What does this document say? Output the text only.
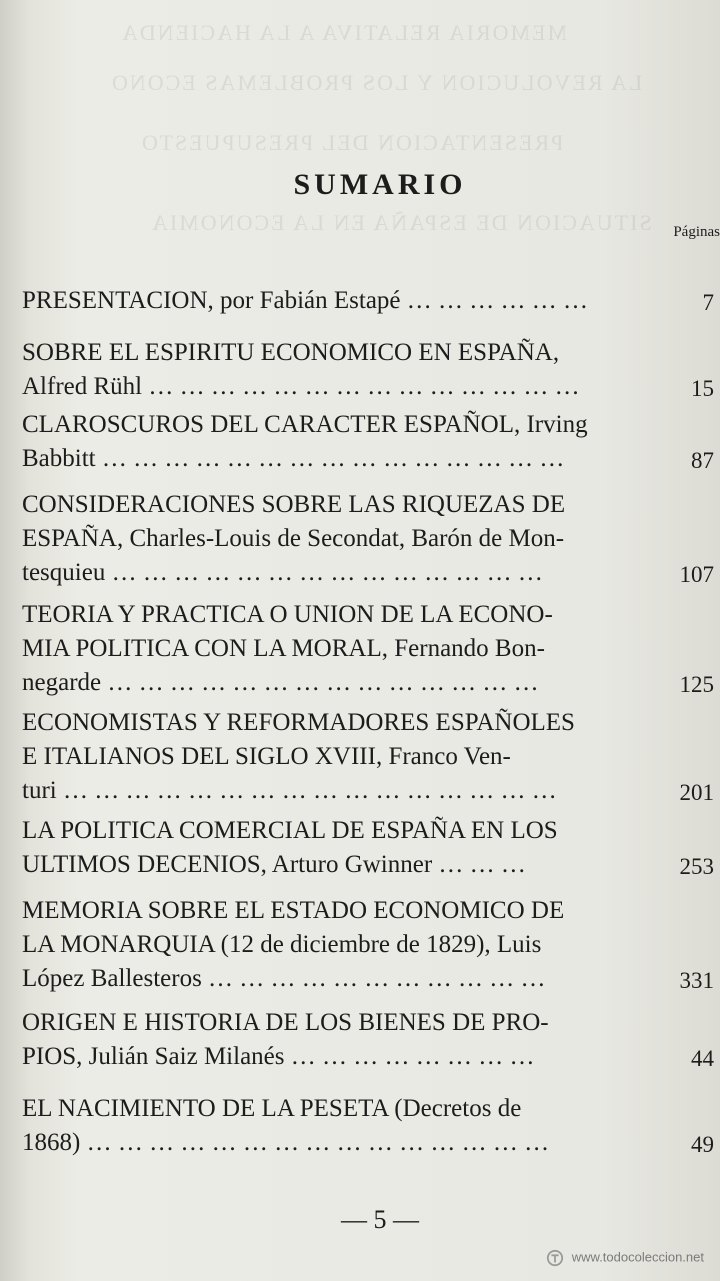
MEMORIA RELATIVA A LA HACIENDA
LA REVOLUCION Y LOS PROBLEMAS ECONO
PRESENTACION DEL PRESUPUESTO
SITUACION DE ESPAÑA EN LA ECONOMIA
SUMARIO
Páginas
PRESENTACION, por Fabián Estapé … … … … … …	7
SOBRE EL ESPIRITU ECONOMICO EN ESPAÑA,
Alfred Rühl … … … … … … … … … … … … … …	15
CLAROSCUROS DEL CARACTER ESPAÑOL, Irving
Babbitt … … … … … … … … … … … … … … …	87
CONSIDERACIONES SOBRE LAS RIQUEZAS DE
ESPAÑA, Charles-Louis de Secondat, Barón de Mon-
tesquieu … … … … … … … … … … … … … …	107
TEORIA Y PRACTICA O UNION DE LA ECONO-
MIA POLITICA CON LA MORAL, Fernando Bon-
negarde … … … … … … … … … … … … … …	125
ECONOMISTAS Y REFORMADORES ESPAÑOLES
E ITALIANOS DEL SIGLO XVIII, Franco Ven-
turi … … … … … … … … … … … … … … … …	201
LA POLITICA COMERCIAL DE ESPAÑA EN LOS
ULTIMOS DECENIOS, Arturo Gwinner … … …	253
MEMORIA SOBRE EL ESTADO ECONOMICO DE
LA MONARQUIA (12 de diciembre de 1829), Luis
López Ballesteros … … … … … … … … … … …	331
ORIGEN E HISTORIA DE LOS BIENES DE PRO-
PIOS, Julián Saiz Milanés … … … … … … … …	44
EL NACIMIENTO DE LA PESETA (Decretos de
1868) … … … … … … … … … … … … … … …	49
— 5 —
www.todocoleccion.net
